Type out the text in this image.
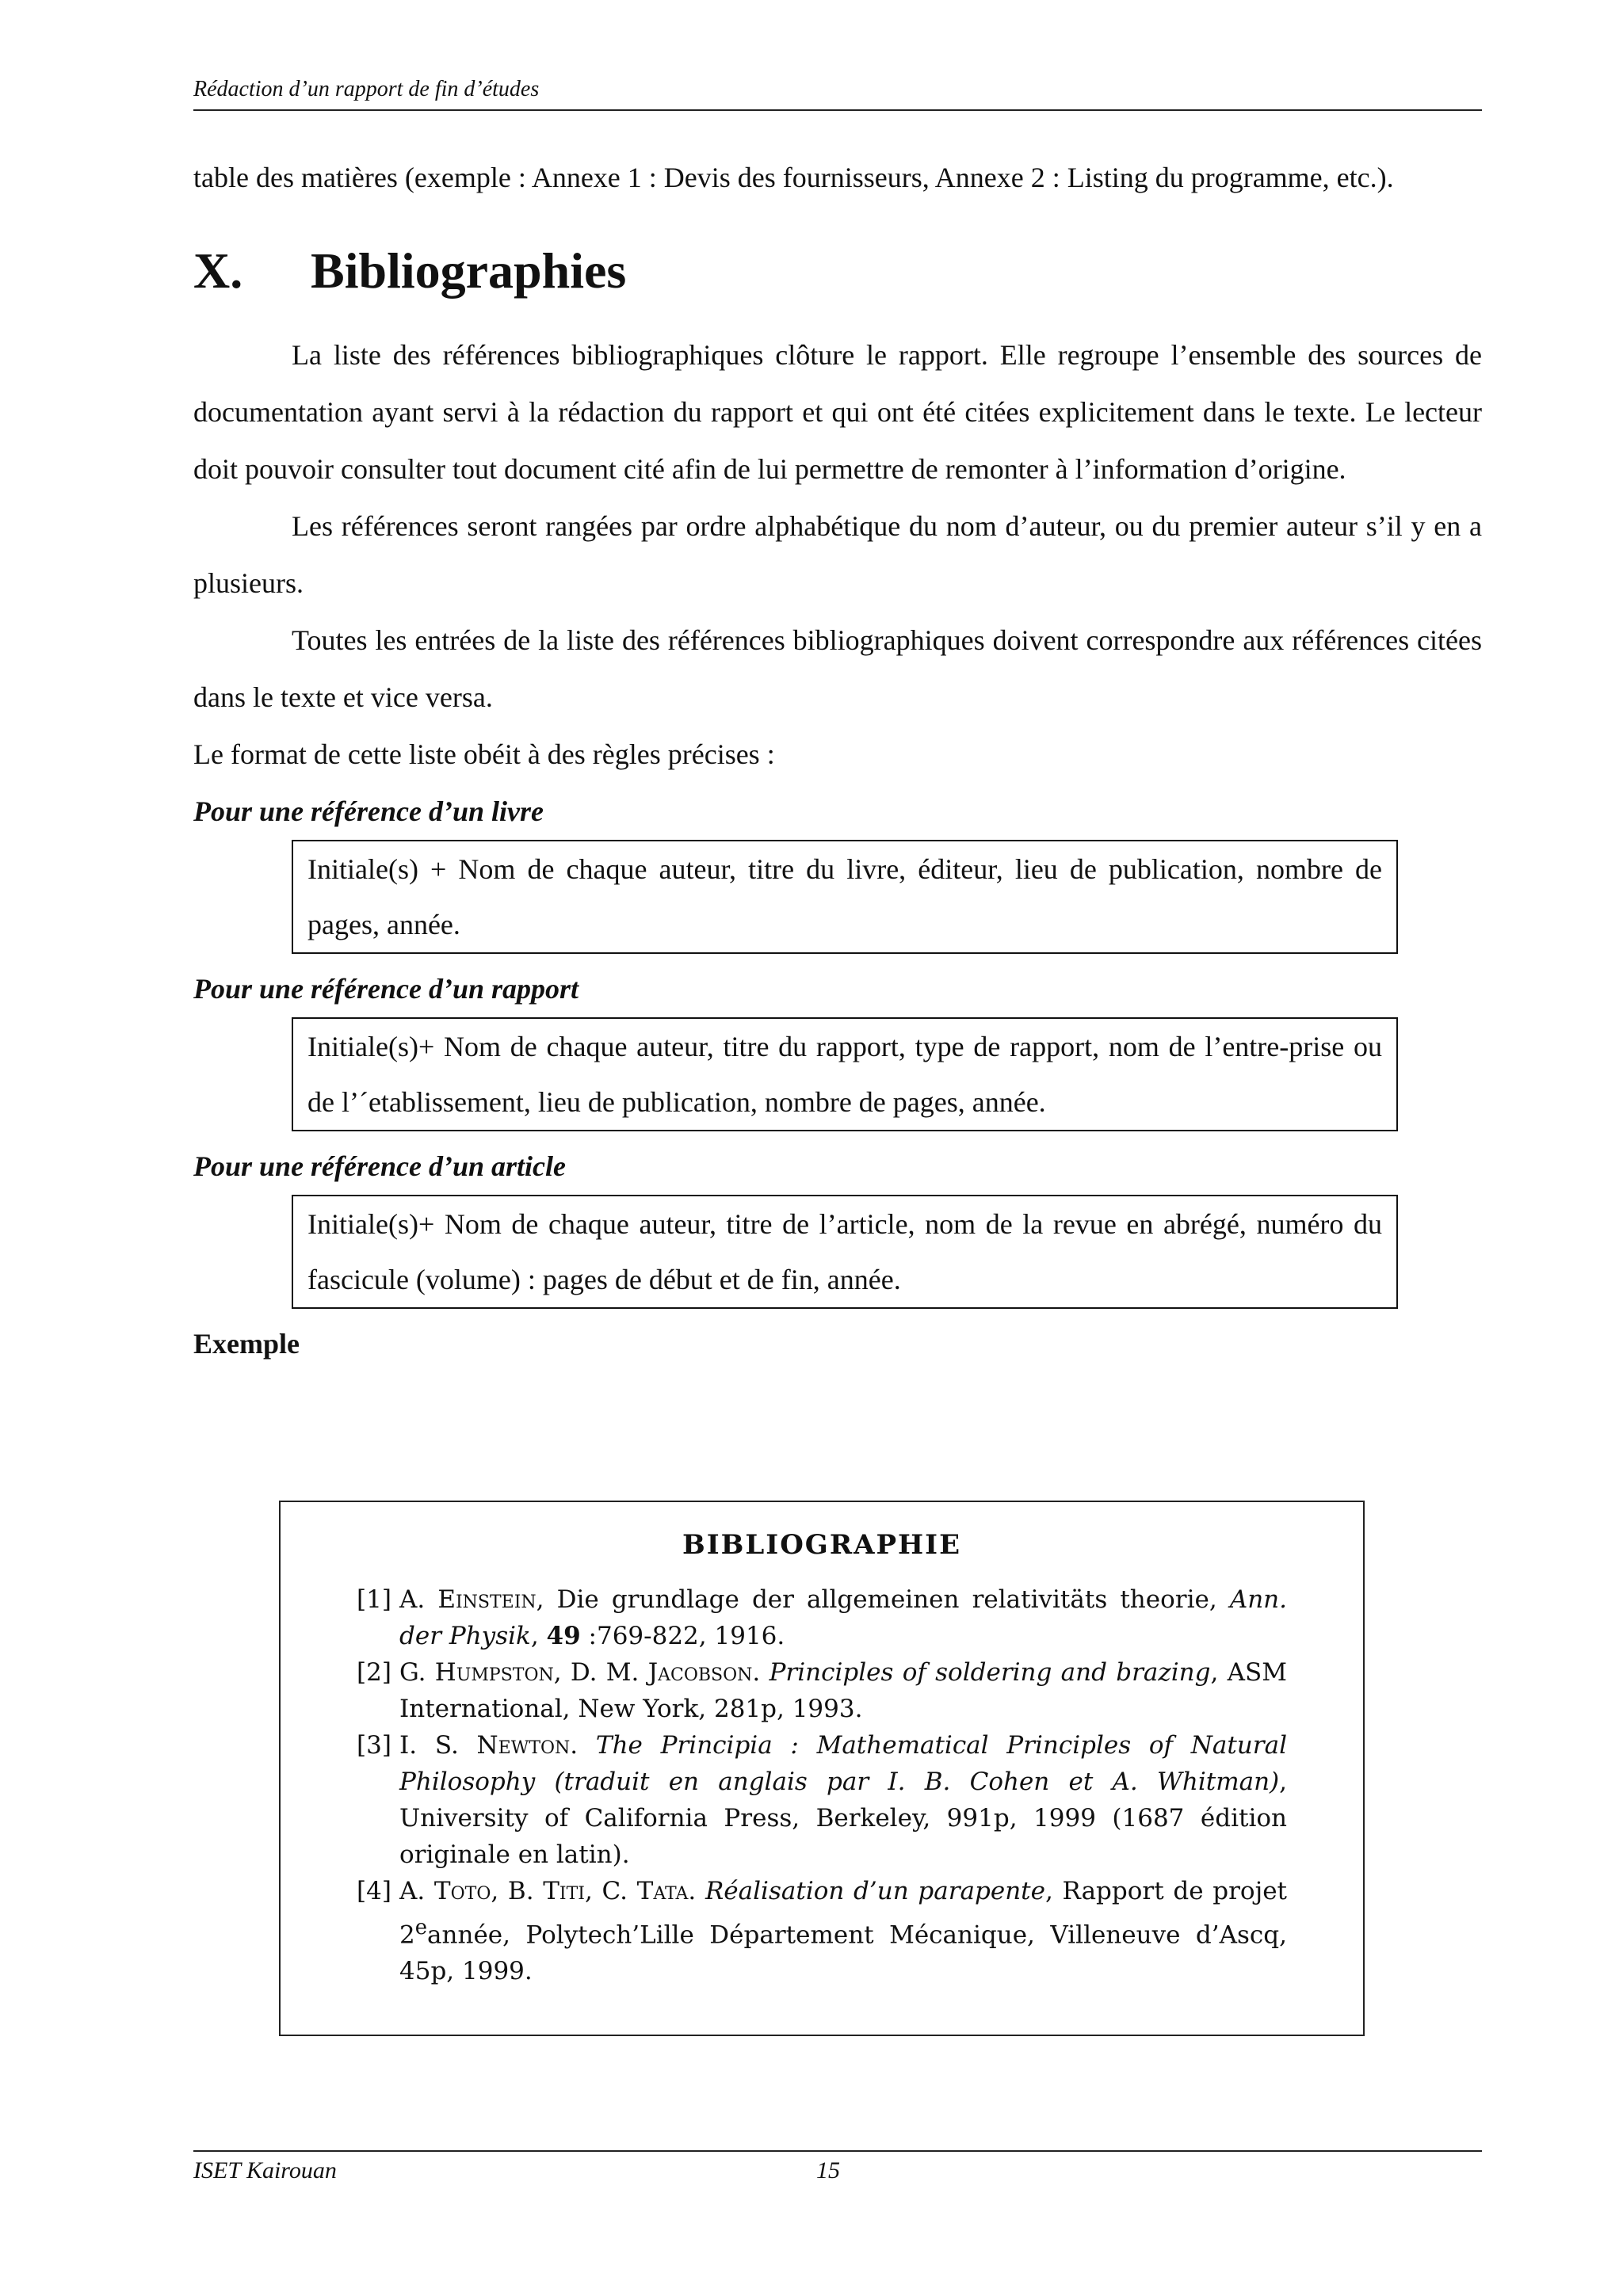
Rédaction d’un rapport de fin d’études

table des matières (exemple : Annexe 1 : Devis des fournisseurs, Annexe 2 : Listing du programme, etc.).

X.	Bibliographies

La liste des références bibliographiques clôture le rapport. Elle regroupe l’ensemble des sources de documentation ayant servi à la rédaction du rapport et qui ont été citées explicitement dans le texte. Le lecteur doit pouvoir consulter tout document cité afin de lui permettre de remonter à l’information d’origine.

Les références seront rangées par ordre alphabétique du nom d’auteur, ou du premier auteur s’il y en a plusieurs.

Toutes les entrées de la liste des références bibliographiques doivent correspondre aux références citées dans le texte et vice versa.

Le format de cette liste obéit à des règles précises :

Pour une référence d’un livre

Initiale(s) + Nom de chaque auteur, titre du livre, éditeur, lieu de publication, nombre de pages, année.

Pour une référence d’un rapport

Initiale(s)+ Nom de chaque auteur, titre du rapport, type de rapport, nom de l’entre-prise ou de l’´etablissement, lieu de publication, nombre de pages, année.

Pour une référence d’un article

Initiale(s)+ Nom de chaque auteur, titre de l’article, nom de la revue en abrégé, numéro du fascicule (volume) : pages de début et de fin, année.

Exemple

BIBLIOGRAPHIE

[1] A. Einstein, Die grundlage der allgemeinen relativitäts theorie, Ann. der Physik, 49 :769-822, 1916.

[2] G. Humpston, D. M. Jacobson. Principles of soldering and brazing, ASM International, New York, 281p, 1993.

[3] I. S. Newton. The Principia : Mathematical Principles of Natural Philosophy (traduit en anglais par I. B. Cohen et A. Whitman), University of California Press, Berkeley, 991p, 1999 (1687 édition originale en latin).

[4] A. Toto, B. Titi, C. Tata. Réalisation d’un parapente, Rapport de projet 2eannée, Polytech’Lille Département Mécanique, Villeneuve d’Ascq, 45p, 1999.

ISET Kairouan	15
